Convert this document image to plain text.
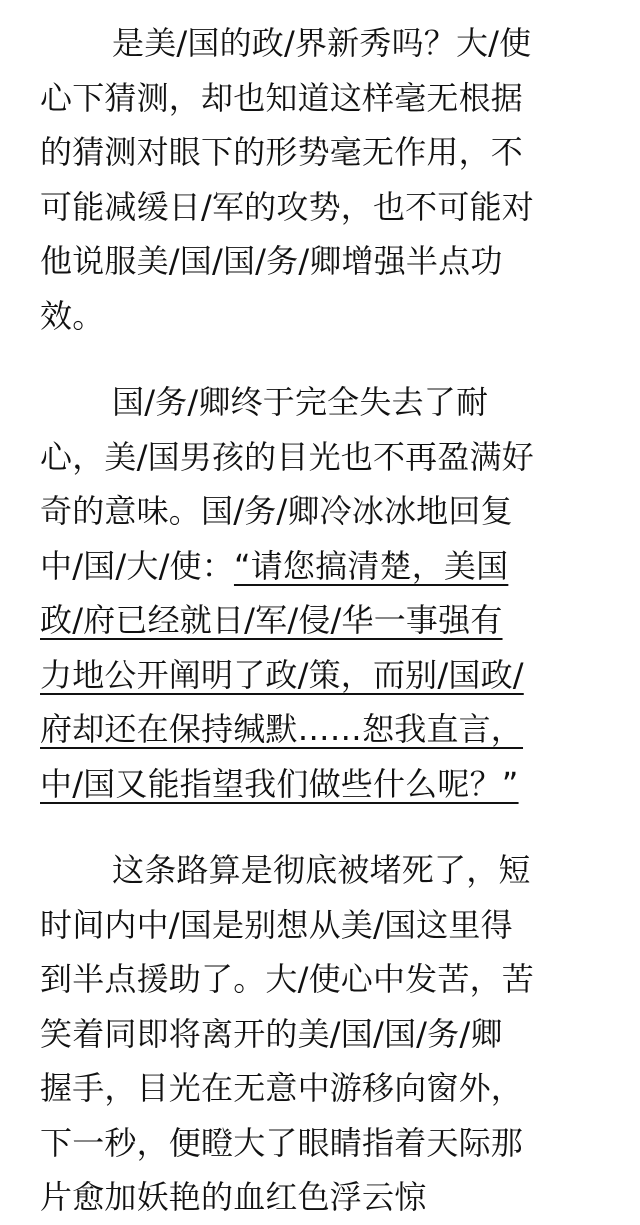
是美/国的政/界新秀吗？大/使
心下猜测，却也知道这样毫无根据
的猜测对眼下的形势毫无作用，不
可能减缓日/军的攻势，也不可能对
他说服美/国/国/务/卿增强半点功
效。
国/务/卿终于完全失去了耐
心，美/国男孩的目光也不再盈满好
奇的意味。国/务/卿冷冰冰地回复
中/国/大/使：“请您搞清楚，美国
政/府已经就日/军/侵/华一事强有
力地公开阐明了政/策，而别/国政/
府却还在保持缄默……恕我直言，
中/国又能指望我们做些什么呢？”
这条路算是彻底被堵死了，短
时间内中/国是别想从美/国这里得
到半点援助了。大/使心中发苦，苦
笑着同即将离开的美/国/国/务/卿
握手，目光在无意中游移向窗外，
下一秒，便瞪大了眼睛指着天际那
片愈加妖艳的血红色浮云惊
